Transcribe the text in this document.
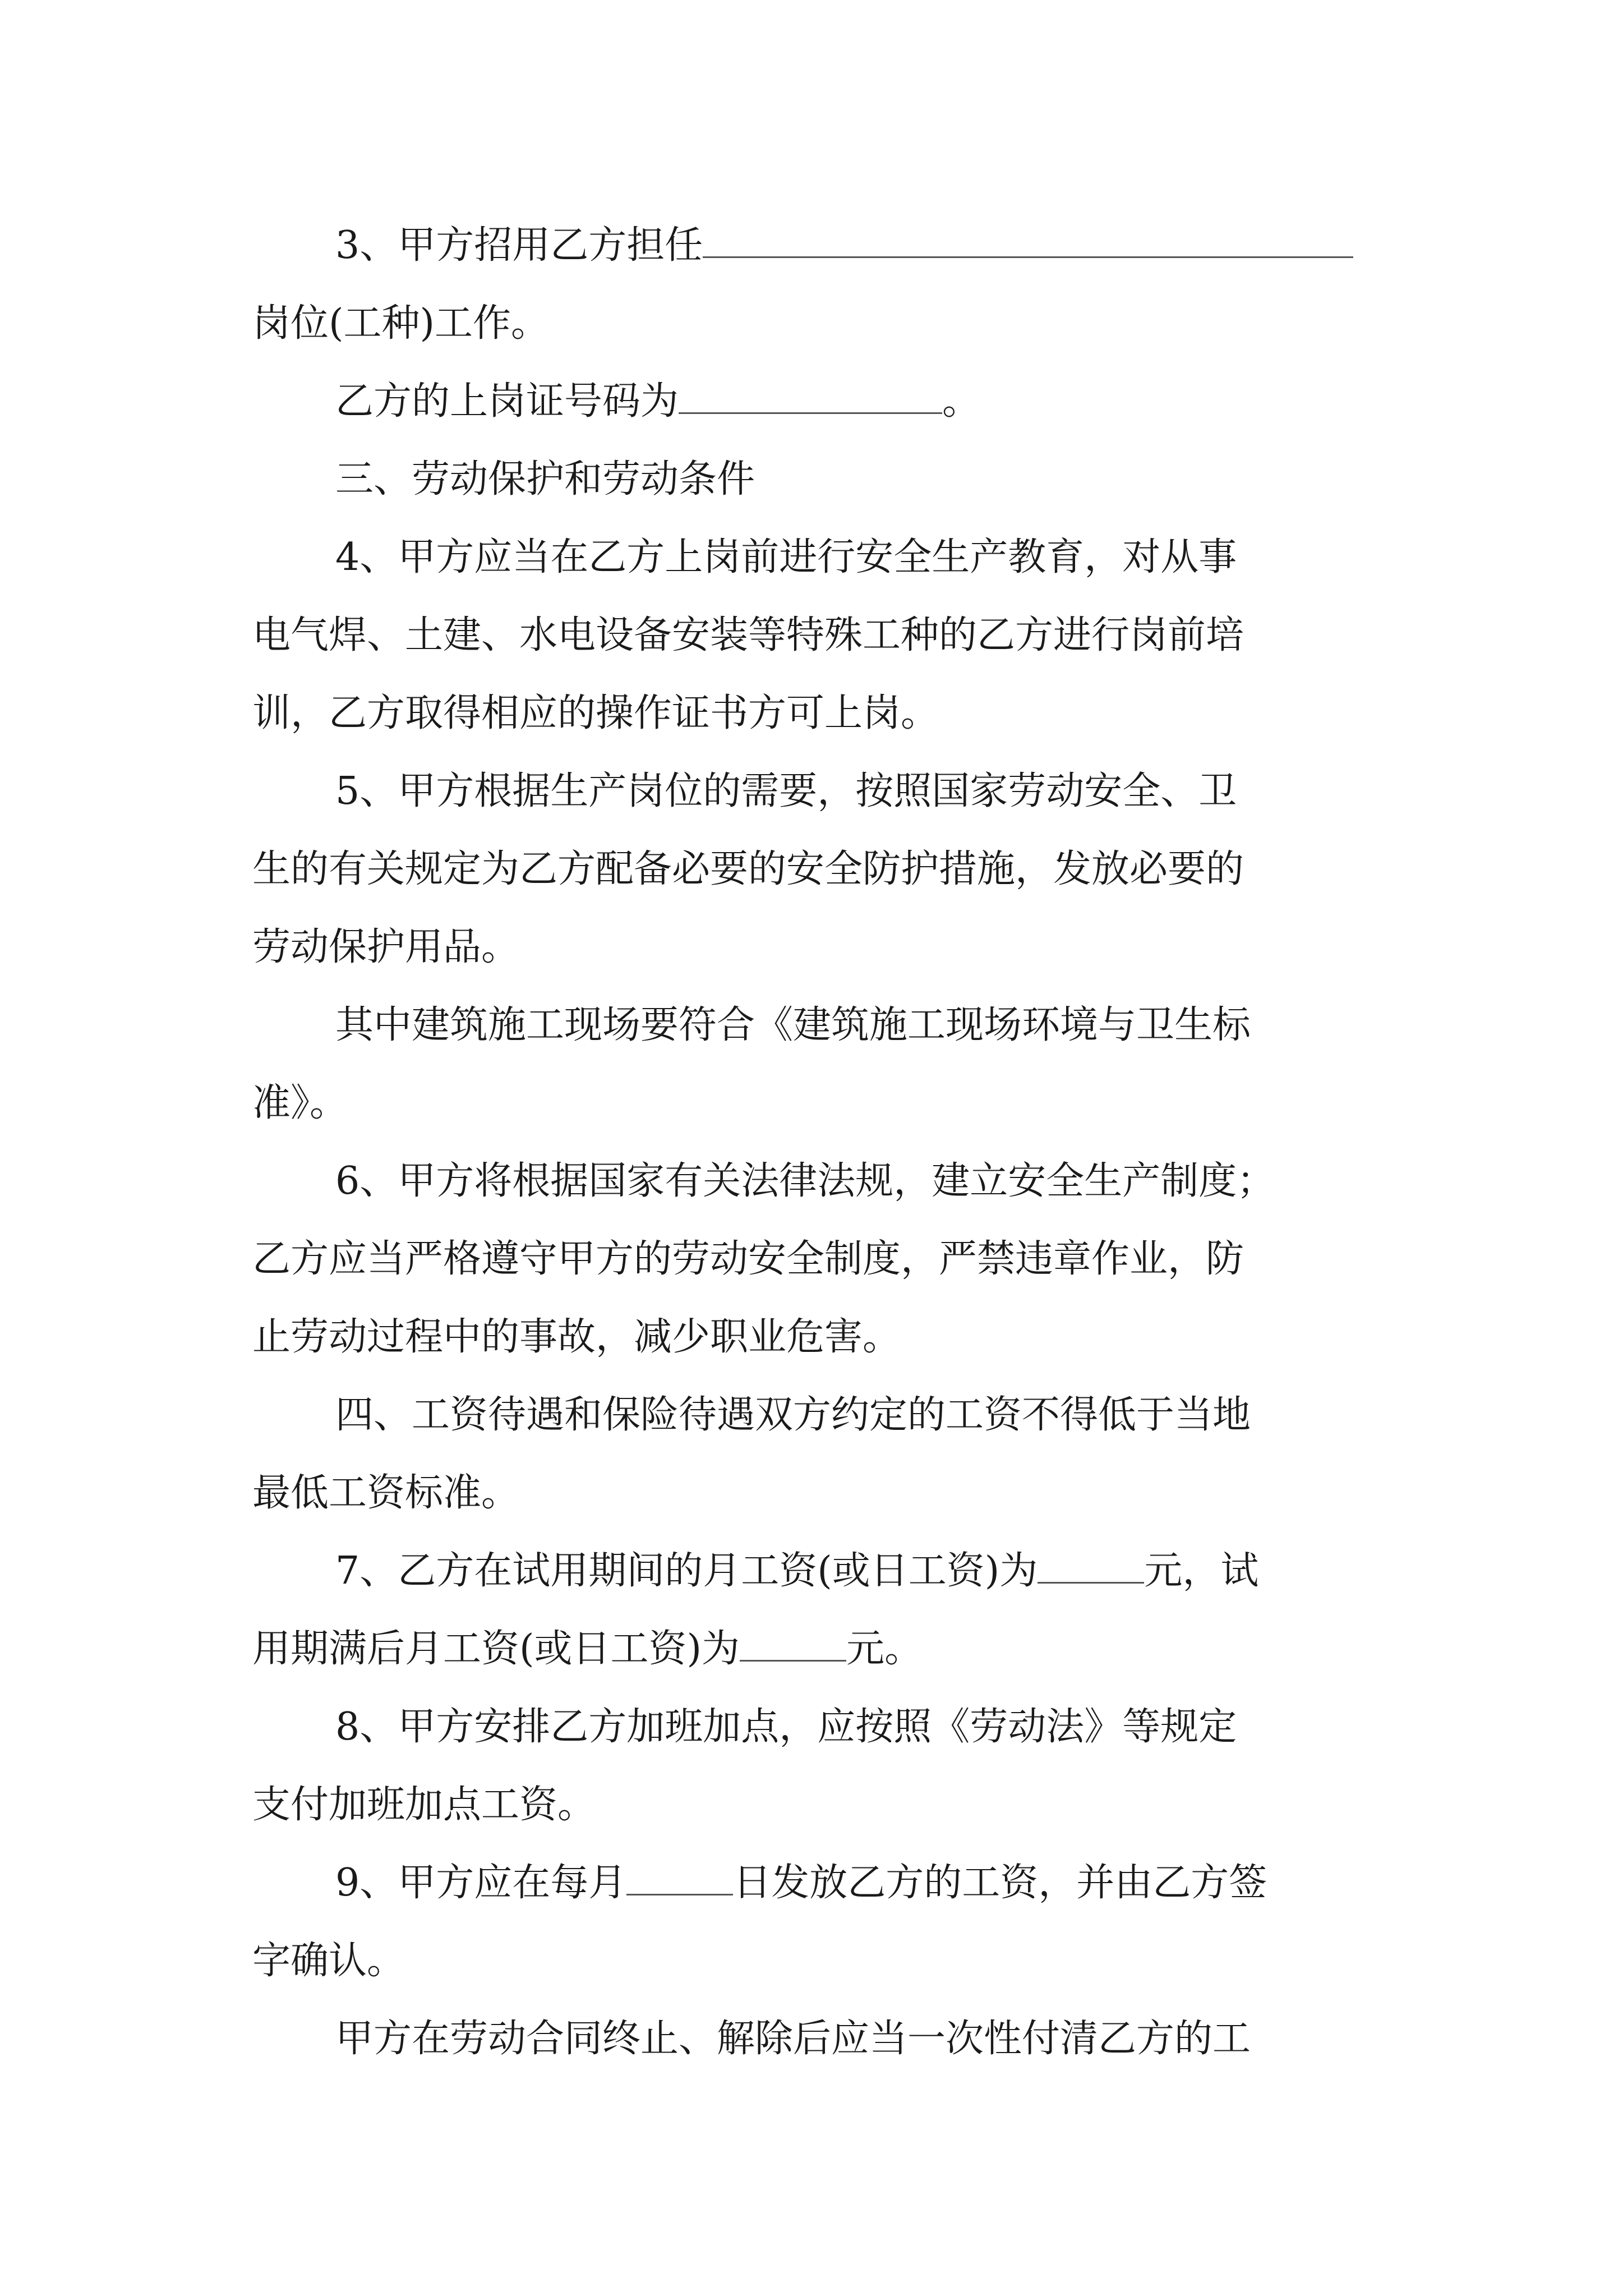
3、甲方招用乙方担任
岗位(工种)工作。
乙方的上岗证号码为	。
三、劳动保护和劳动条件
4、甲方应当在乙方上岗前进行安全生产教育，对从事
电气焊、土建、水电设备安装等特殊工种的乙方进行岗前培
训，乙方取得相应的操作证书方可上岗。
5、甲方根据生产岗位的需要，按照国家劳动安全、卫
生的有关规定为乙方配备必要的安全防护措施，发放必要的
劳动保护用品。
其中建筑施工现场要符合《建筑施工现场环境与卫生标
准》。
6、甲方将根据国家有关法律法规，建立安全生产制度；
乙方应当严格遵守甲方的劳动安全制度，严禁违章作业，防
止劳动过程中的事故，减少职业危害。
四、工资待遇和保险待遇双方约定的工资不得低于当地
最低工资标准。
7、乙方在试用期间的月工资(或日工资)为	元，试
用期满后月工资(或日工资)为	元。
8、甲方安排乙方加班加点，应按照《劳动法》等规定
支付加班加点工资。
9、甲方应在每月	日发放乙方的工资，并由乙方签
字确认。
甲方在劳动合同终止、解除后应当一次性付清乙方的工
